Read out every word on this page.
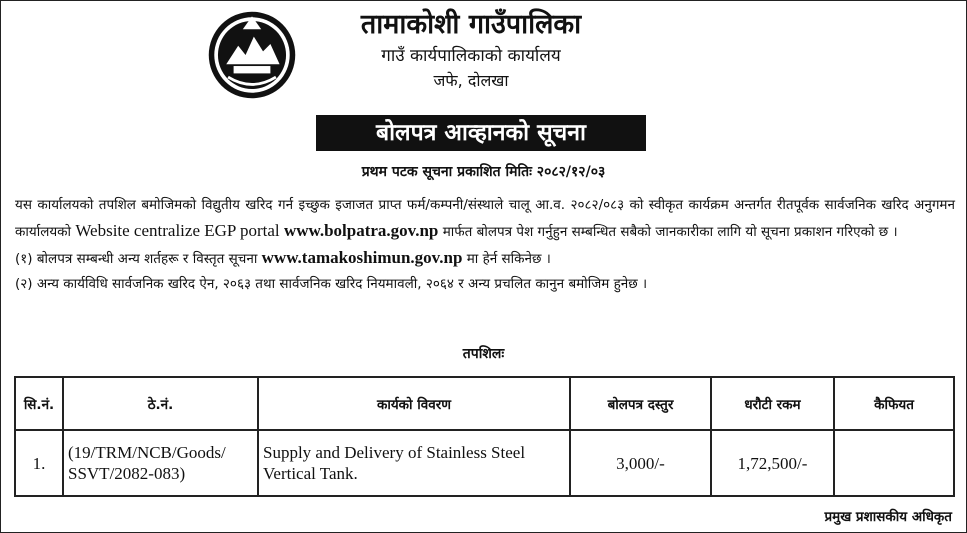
तामाकोशी गाउँपालिका
गाउँ कार्यपालिकाको कार्यालय
जफे, दोलखा
बोलपत्र आव्हानको सूचना
प्रथम पटक सूचना प्रकाशित मितिः २०८२/१२/०३

यस कार्यालयको तपशिल बमोजिमको विद्युतीय खरिद गर्न इच्छुक इजाजत प्राप्त फर्म/कम्पनी/संस्थाले चालू आ.व. २०८२/०८३ को स्वीकृत कार्यक्रम अन्तर्गत रीतपूर्वक सार्वजनिक खरिद अनुगमन कार्यालयको Website centralize EGP portal www.bolpatra.gov.np मार्फत बोलपत्र पेश गर्नुहुन सम्बन्धित सबैको जानकारीका लागि यो सूचना प्रकाशन गरिएको छ ।

(१) बोलपत्र सम्बन्धी अन्य शर्तहरू र विस्तृत सूचना www.tamakoshimun.gov.np मा हेर्न सकिनेछ ।

(२) अन्य कार्यविधि सार्वजनिक खरिद ऐन, २०६३ तथा सार्वजनिक खरिद नियमावली, २०६४ र अन्य प्रचलित कानुन बमोजिम हुनेछ ।

तपशिलः
सि.नं.	ठे.नं.	कार्यको विवरण	बोलपत्र दस्तुर	धरौटी रकम	कैफियत
1.	(19/TRM/NCB/Goods/ SSVT/2082-083)	Supply and Delivery of Stainless Steel Vertical Tank.	3,000/-	1,72,500/-	
प्रमुख प्रशासकीय अधिकृत
